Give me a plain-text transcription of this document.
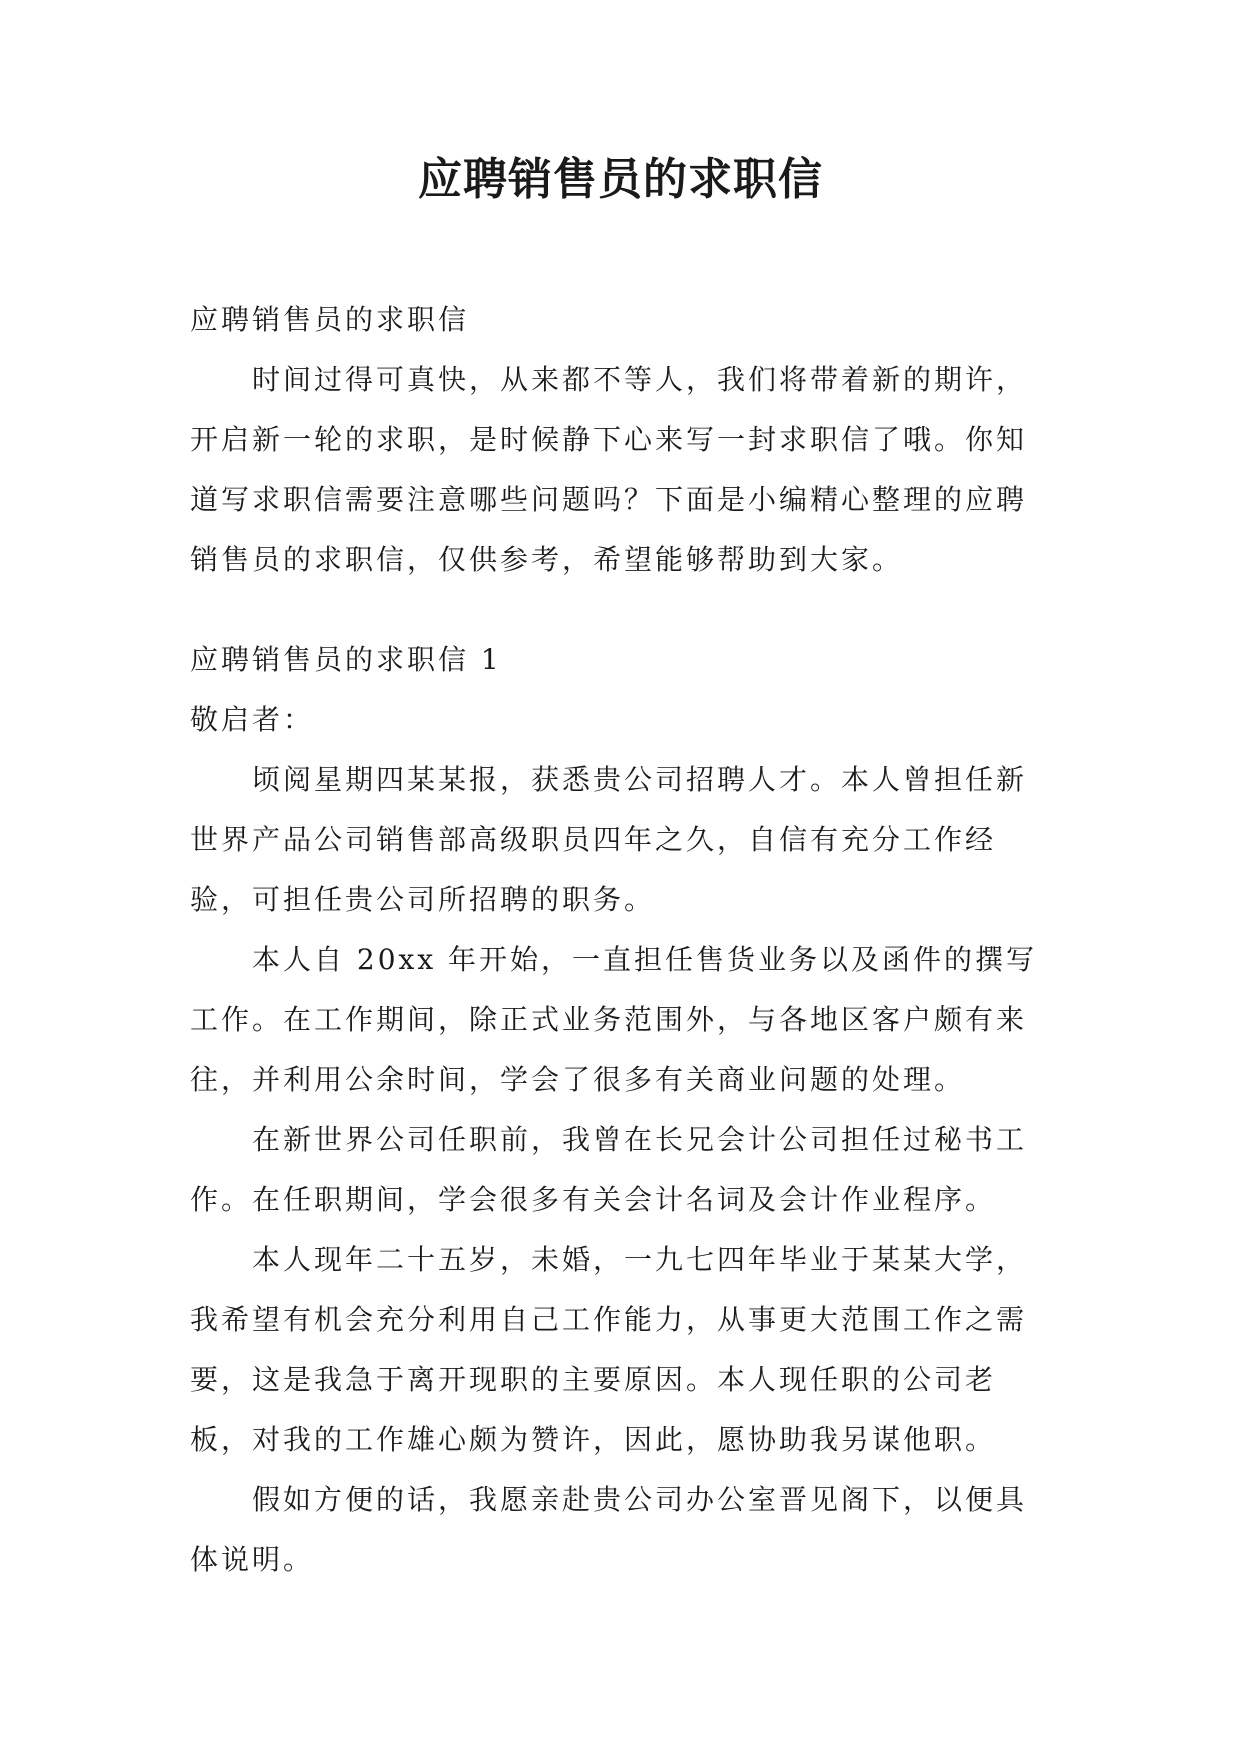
应聘销售员的求职信

应聘销售员的求职信

时间过得可真快，从来都不等人，我们将带着新的期许，开启新一轮的求职，是时候静下心来写一封求职信了哦。你知道写求职信需要注意哪些问题吗？下面是小编精心整理的应聘销售员的求职信，仅供参考，希望能够帮助到大家。

应聘销售员的求职信 1

敬启者：

顷阅星期四某某报，获悉贵公司招聘人才。本人曾担任新世界产品公司销售部高级职员四年之久，自信有充分工作经验，可担任贵公司所招聘的职务。

本人自 20xx 年开始，一直担任售货业务以及函件的撰写工作。在工作期间，除正式业务范围外，与各地区客户颇有来往，并利用公余时间，学会了很多有关商业问题的处理。

在新世界公司任职前，我曾在长兄会计公司担任过秘书工作。在任职期间，学会很多有关会计名词及会计作业程序。

本人现年二十五岁，未婚，一九七四年毕业于某某大学，我希望有机会充分利用自己工作能力，从事更大范围工作之需要，这是我急于离开现职的主要原因。本人现任职的公司老板，对我的工作雄心颇为赞许，因此，愿协助我另谋他职。

假如方便的话，我愿亲赴贵公司办公室晋见阁下，以便具体说明。
